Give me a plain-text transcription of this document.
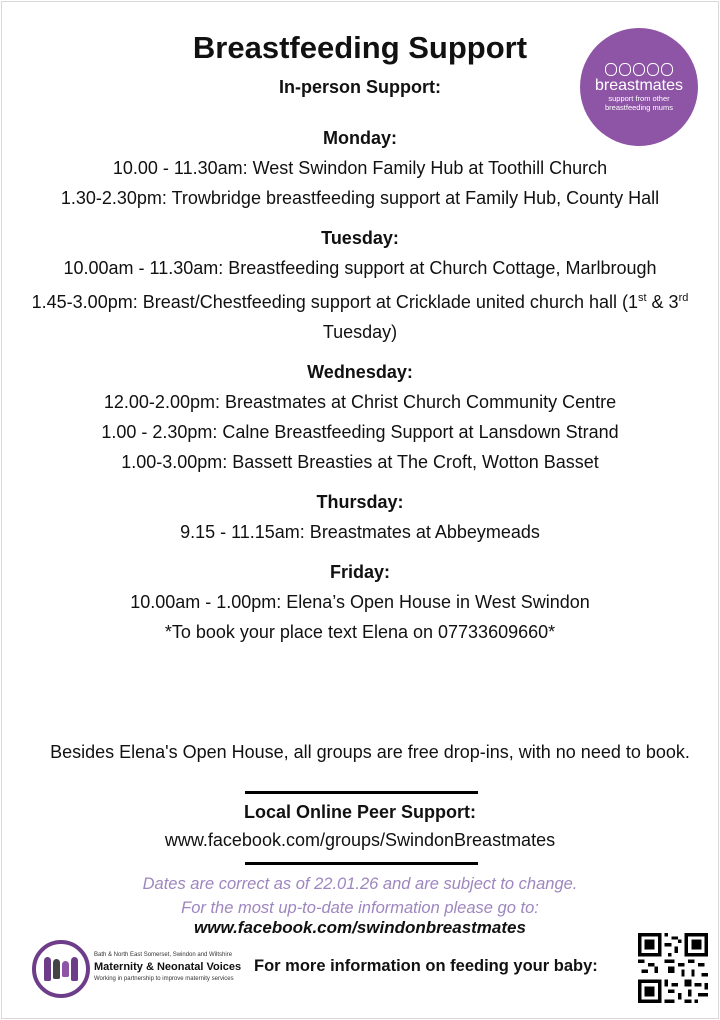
Breastfeeding Support
In-person Support:	breastmates
support from other breastfeeding mums
Monday:
10.00 - 11.30am: West Swindon Family Hub at Toothill Church
1.30-2.30pm: Trowbridge breastfeeding support at Family Hub, County Hall
Tuesday:
10.00am - 11.30am: Breastfeeding support at Church Cottage, Marlbrough
1.45-3.00pm: Breast/Chestfeeding support at Cricklade united church hall (1st & 3rd Tuesday)
Wednesday:
12.00-2.00pm: Breastmates at Christ Church Community Centre
1.00 - 2.30pm: Calne Breastfeeding Support at Lansdown Strand
1.00-3.00pm: Bassett Breasties at The Croft, Wotton Basset
Thursday:
9.15 - 11.15am: Breastmates at Abbeymeads
Friday:
10.00am - 1.00pm: Elena’s Open House in West Swindon
*To book your place text Elena on 07733609660*
Besides Elena's Open House, all groups are free drop-ins, with no need to book.
Local Online Peer Support:
www.facebook.com/groups/SwindonBreastmates
Dates are correct as of 22.01.26 and are subject to change.
For the most up-to-date information please go to:
www.facebook.com/swindonbreastmates
Bath & North East Somerset, Swindon and Wiltshire
Maternity & Neonatal Voices
Working in partnership to improve maternity services
For more information on feeding your baby:
